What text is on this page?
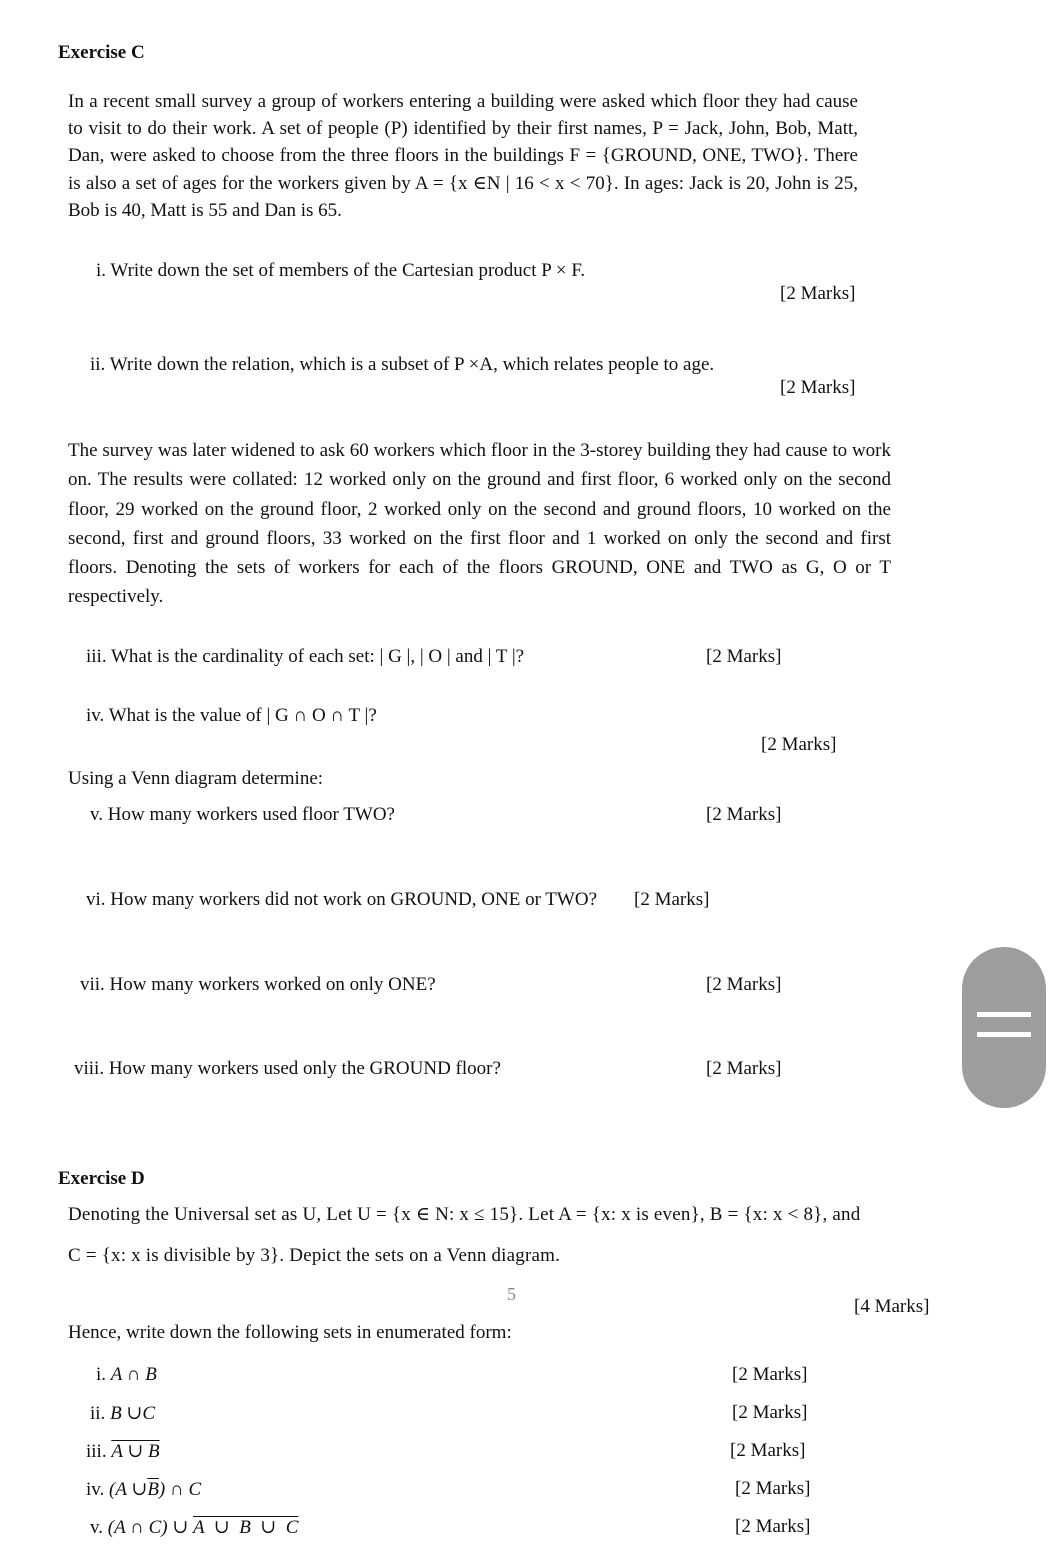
Exercise C
In a recent small survey a group of workers entering a building were asked which floor they had cause to visit to do their work. A set of people (P) identified by their first names, P = Jack, John, Bob, Matt, Dan, were asked to choose from the three floors in the buildings F = {GROUND, ONE, TWO}. There is also a set of ages for the workers given by A = {x ∈N | 16 < x < 70}. In ages: Jack is 20, John is 25, Bob is 40, Matt is 55 and Dan is 65.
i. Write down the set of members of the Cartesian product P × F.
[2 Marks]
ii. Write down the relation, which is a subset of P ×A, which relates people to age.
[2 Marks]
The survey was later widened to ask 60 workers which floor in the 3-storey building they had cause to work on. The results were collated: 12 worked only on the ground and first floor, 6 worked only on the second floor, 29 worked on the ground floor, 2 worked only on the second and ground floors, 10 worked on the second, first and ground floors, 33 worked on the first floor and 1 worked on only the second and first floors. Denoting the sets of workers for each of the floors GROUND, ONE and TWO as G, O or T respectively.
iii. What is the cardinality of each set: | G |, | O | and | T |?	[2 Marks]
iv. What is the value of | G ∩ O ∩ T |?
[2 Marks]
Using a Venn diagram determine:
v. How many workers used floor TWO?	[2 Marks]
vi. How many workers did not work on GROUND, ONE or TWO? [2 Marks]
vii. How many workers worked on only ONE?	[2 Marks]
viii. How many workers used only the GROUND floor?	[2 Marks]
Exercise D
Denoting the Universal set as U, Let U = {x ∈ N: x ≤ 15}. Let A = {x: x is even}, B = {x: x < 8}, and
C = {x: x is divisible by 3}. Depict the sets on a Venn diagram.
5
[4 Marks]
Hence, write down the following sets in enumerated form:
i. A ∩ B	[2 Marks]
ii. B ∪C	[2 Marks]
iii. A ∪ B	[2 Marks]
iv. (A $\cup\overline{B}$) ∩ C	[2 Marks]
v. (A ∩ C) ∪ A  ∪  B  ∪  C	[2 Marks]
